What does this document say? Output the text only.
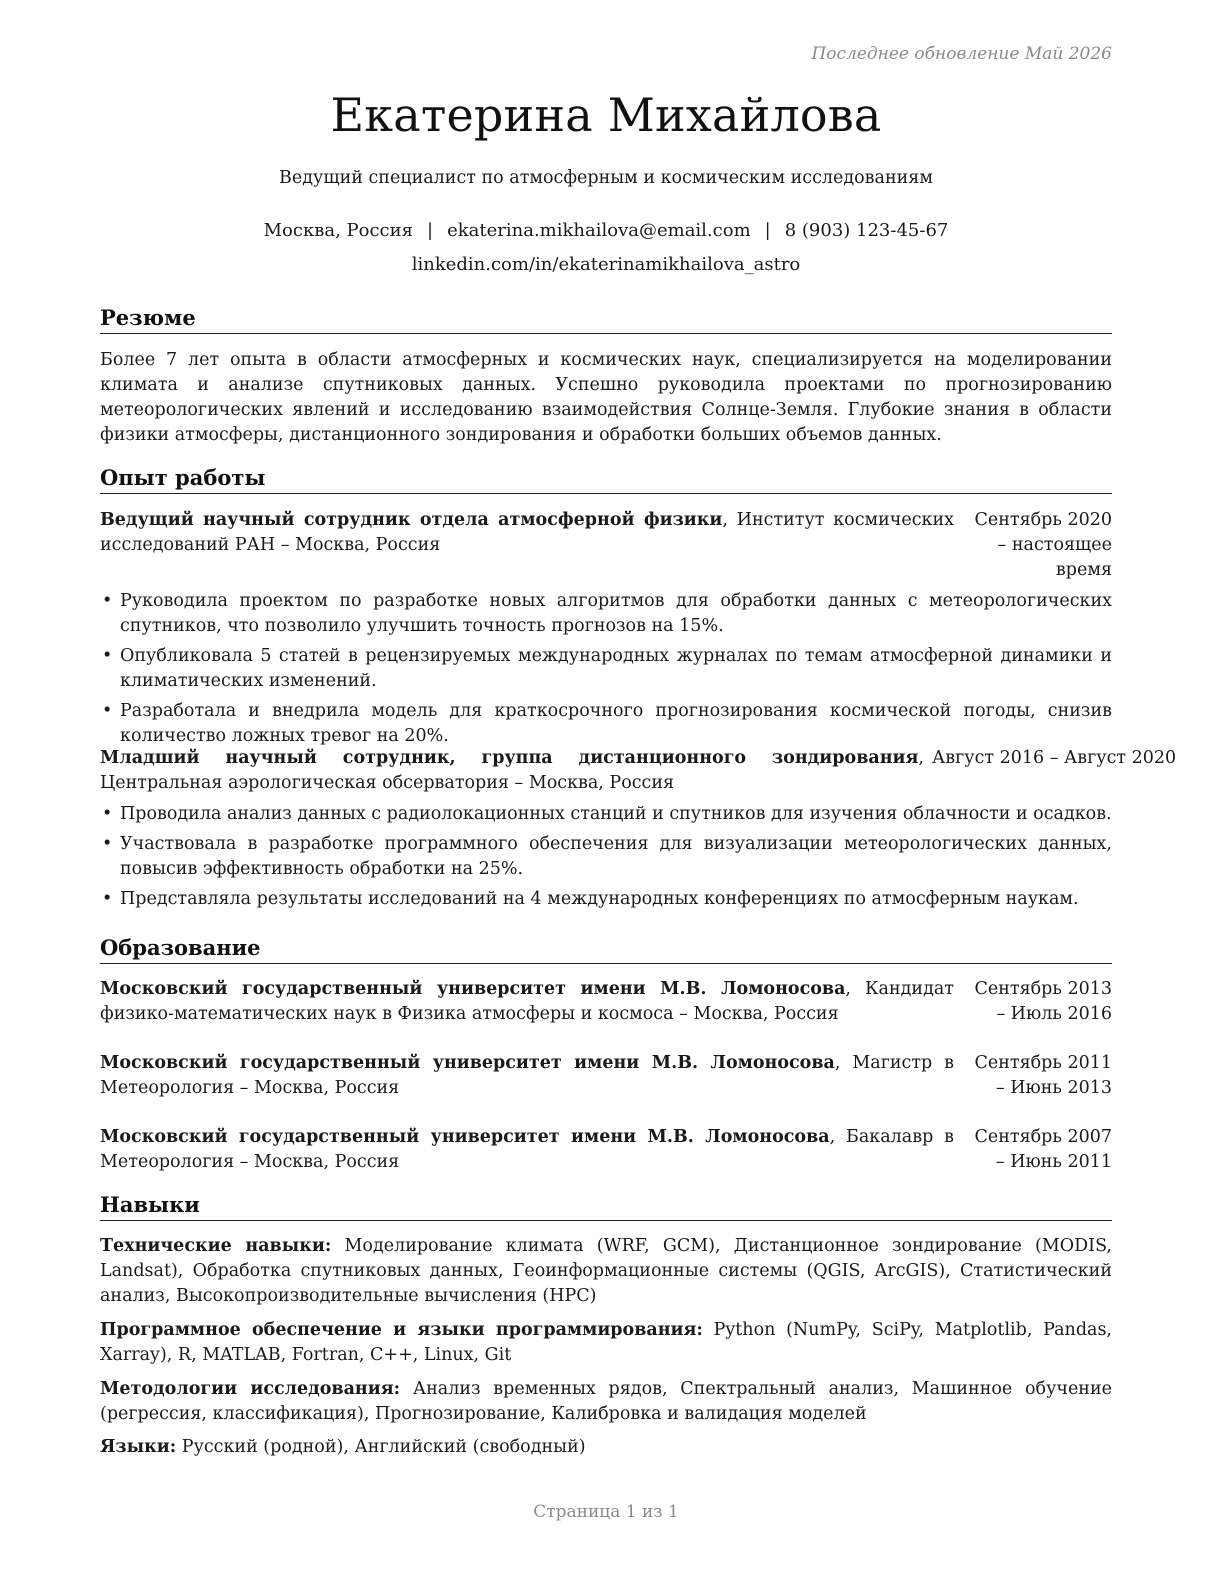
Последнее обновление Май 2026
Екатерина Михайлова
Ведущий специалист по атмосферным и космическим исследованиям
Москва, Россия | ekaterina.mikhailova@email.com | 8 (903) 123-45-67
linkedin.com/in/ekaterinamikhailova_astro
Резюме
Более 7 лет опыта в области атмосферных и космических наук, специализируется на моделировании климата и анализе спутниковых данных. Успешно руководила проектами по прогнозированию метеорологических явлений и исследованию взаимодействия Солнце-Земля. Глубокие знания в области физики атмосферы, дистанционного зондирования и обработки больших объемов данных.
Опыт работы
Ведущий научный сотрудник отдела атмосферной физики, Институт космических исследований РАН – Москва, Россия
Сентябрь 2020 – настоящее время
• Руководила проектом по разработке новых алгоритмов для обработки данных с метеорологических спутников, что позволило улучшить точность прогнозов на 15%.
• Опубликовала 5 статей в рецензируемых международных журналах по темам атмосферной динамики и климатических изменений.
• Разработала и внедрила модель для краткосрочного прогнозирования космической погоды, снизив количество ложных тревог на 20%.
Младший научный сотрудник, группа дистанционного зондирования, Центральная аэрологическая обсерватория – Москва, Россия
Август 2016 – Август 2020
• Проводила анализ данных с радиолокационных станций и спутников для изучения облачности и осадков.
• Участвовала в разработке программного обеспечения для визуализации метеорологических данных, повысив эффективность обработки на 25%.
• Представляла результаты исследований на 4 международных конференциях по атмосферным наукам.
Образование
Московский государственный университет имени М.В. Ломоносова, Кандидат физико-математических наук в Физика атмосферы и космоса – Москва, Россия
Сентябрь 2013 – Июль 2016
Московский государственный университет имени М.В. Ломоносова, Магистр в Метеорология – Москва, Россия
Сентябрь 2011 – Июнь 2013
Московский государственный университет имени М.В. Ломоносова, Бакалавр в Метеорология – Москва, Россия
Сентябрь 2007 – Июнь 2011
Навыки
Технические навыки: Моделирование климата (WRF, GCM), Дистанционное зондирование (MODIS, Landsat), Обработка спутниковых данных, Геоинформационные системы (QGIS, ArcGIS), Статистический анализ, Высокопроизводительные вычисления (HPC)
Программное обеспечение и языки программирования: Python (NumPy, SciPy, Matplotlib, Pandas, Xarray), R, MATLAB, Fortran, C++, Linux, Git
Методологии исследования: Анализ временных рядов, Спектральный анализ, Машинное обучение (регрессия, классификация), Прогнозирование, Калибровка и валидация моделей
Языки: Русский (родной), Английский (свободный)
Страница 1 из 1
